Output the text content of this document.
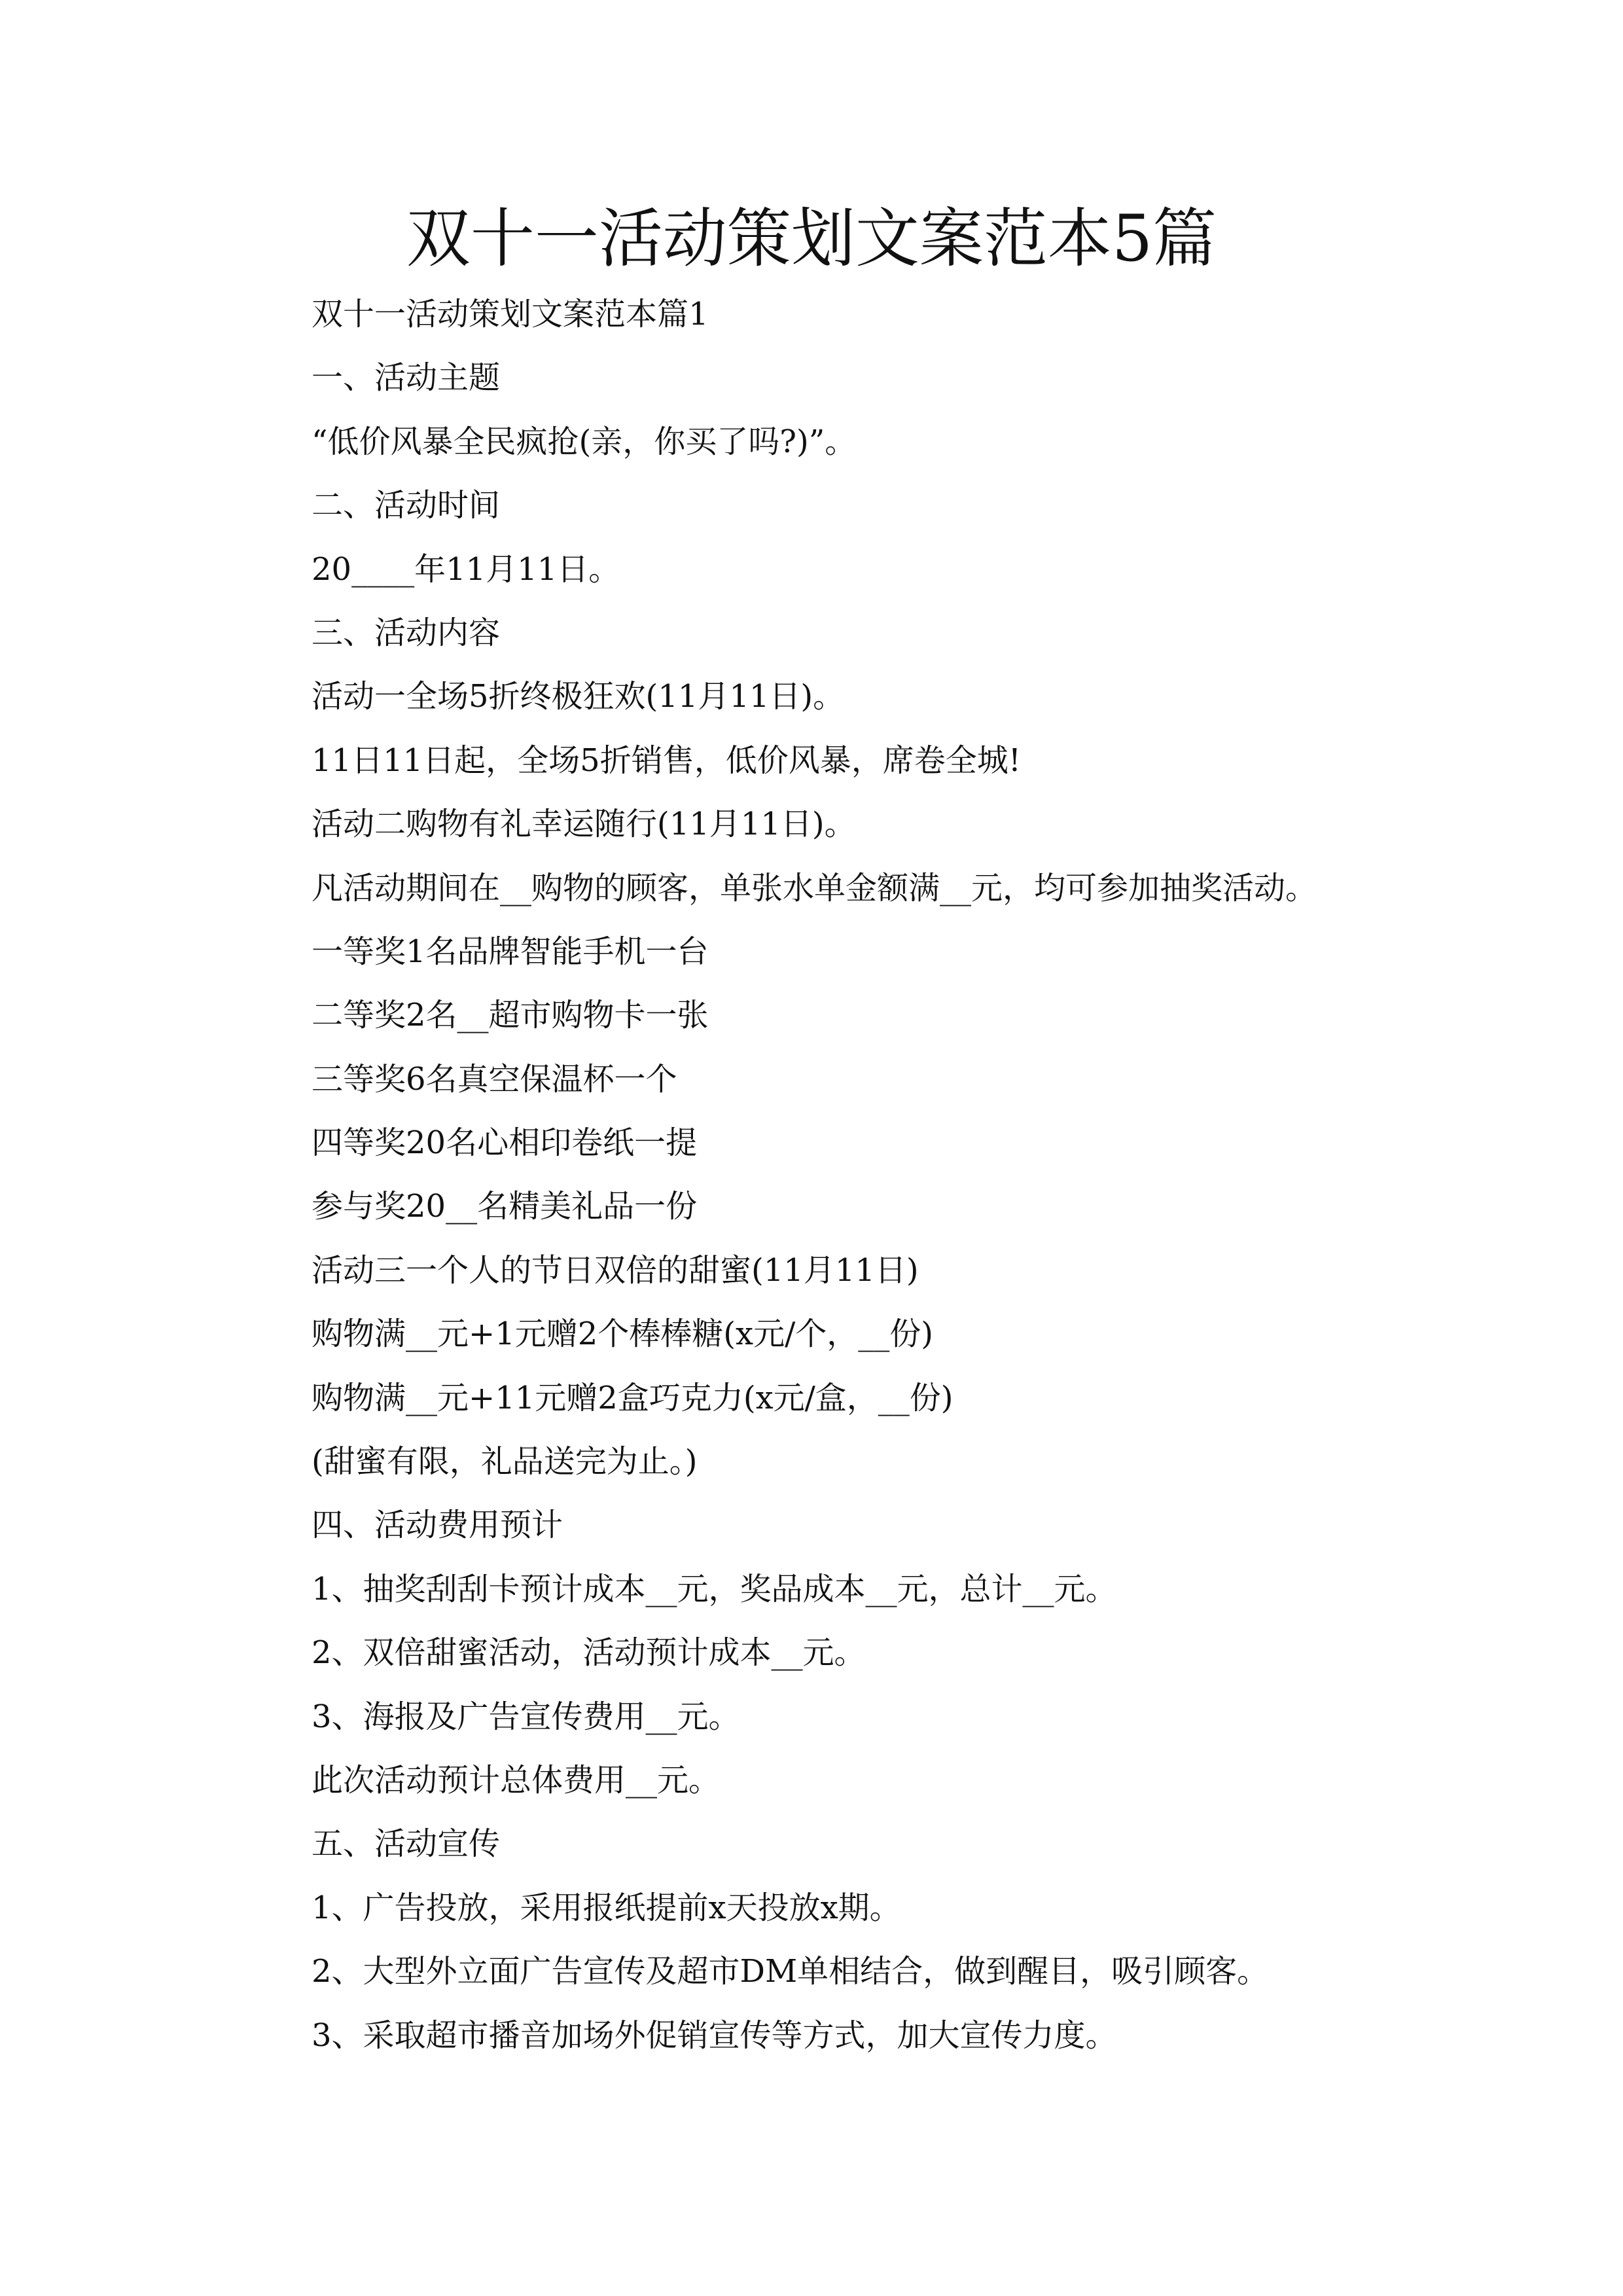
双十一活动策划文案范本5篇
双十一活动策划文案范本篇1
一、活动主题
“低价风暴全民疯抢(亲，你买了吗?)”。
二、活动时间
20____年11月11日。
三、活动内容
活动一全场5折终极狂欢(11月11日)。
11日11日起，全场5折销售，低价风暴，席卷全城!
活动二购物有礼幸运随行(11月11日)。
凡活动期间在__购物的顾客，单张水单金额满__元，均可参加抽奖活动。
一等奖1名品牌智能手机一台
二等奖2名__超市购物卡一张
三等奖6名真空保温杯一个
四等奖20名心相印卷纸一提
参与奖20__名精美礼品一份
活动三一个人的节日双倍的甜蜜(11月11日)
购物满__元+1元赠2个棒棒糖(x元/个，__份)
购物满__元+11元赠2盒巧克力(x元/盒，__份)
(甜蜜有限，礼品送完为止。)
四、活动费用预计
1、抽奖刮刮卡预计成本__元，奖品成本__元，总计__元。
2、双倍甜蜜活动，活动预计成本__元。
3、海报及广告宣传费用__元。
此次活动预计总体费用__元。
五、活动宣传
1、广告投放，采用报纸提前x天投放x期。
2、大型外立面广告宣传及超市DM单相结合，做到醒目，吸引顾客。
3、采取超市播音加场外促销宣传等方式，加大宣传力度。
